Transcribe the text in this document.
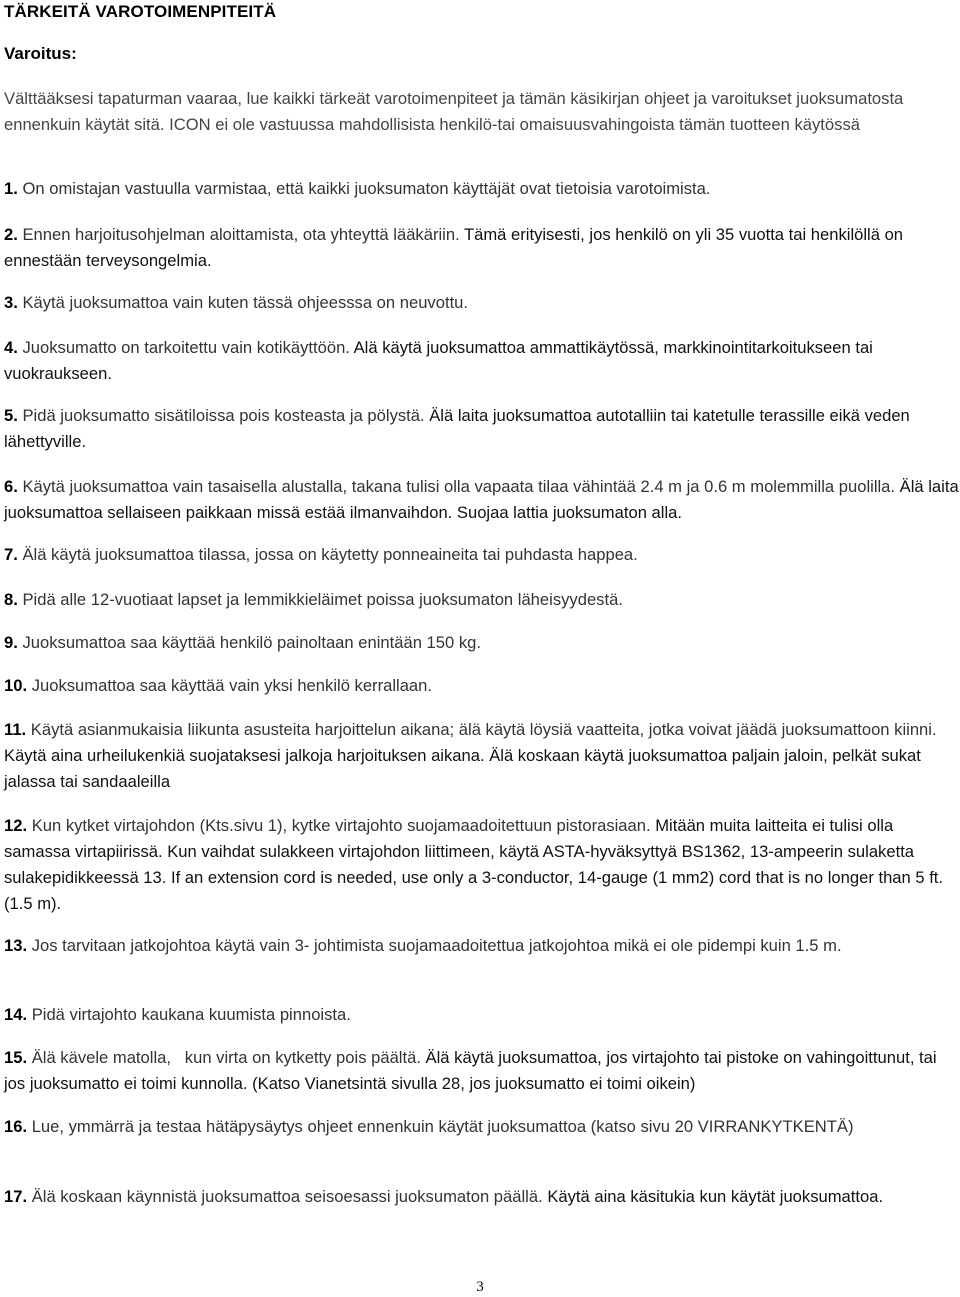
TÄRKEITÄ VAROTOIMENPITEITÄ
Varoitus:
Välttääksesi tapaturman vaaraa, lue kaikki tärkeät varotoimenpiteet ja tämän käsikirjan ohjeet ja varoitukset juoksumatosta ennenkuin käytät sitä. ICON ei ole vastuussa mahdollisista henkilö-tai omaisuusvahingoista tämän tuotteen käytössä
1. On omistajan vastuulla varmistaa, että kaikki juoksumaton käyttäjät ovat tietoisia varotoimista.
2. Ennen harjoitusohjelman aloittamista, ota yhteyttä lääkäriin. Tämä erityisesti, jos henkilö on yli 35 vuotta tai henkilöllä on ennestään terveysongelmia.
3. Käytä juoksumattoa vain kuten tässä ohjeesssa on neuvottu.
4. Juoksumatto on tarkoitettu vain kotikäyttöön. Alä käytä juoksumattoa ammattikäytössä, markkinointitarkoitukseen tai vuokraukseen.
5. Pidä juoksumatto sisätiloissa pois kosteasta ja pölystä. Älä laita juoksumattoa autotalliin tai katetulle terassille eikä veden lähettyville.
6. Käytä juoksumattoa vain tasaisella alustalla, takana tulisi olla vapaata tilaa vähintää 2.4 m ja 0.6 m molemmilla puolilla. Älä laita juoksumattoa sellaiseen paikkaan missä estää ilmanvaihdon. Suojaa lattia juoksumaton alla.
7. Älä käytä juoksumattoa tilassa, jossa on käytetty ponneaineita tai puhdasta happea.
8. Pidä alle 12-vuotiaat lapset ja lemmikkieläimet poissa juoksumaton läheisyydestä.
9. Juoksumattoa saa käyttää henkilö painoltaan enintään 150 kg.
10. Juoksumattoa saa käyttää vain yksi henkilö kerrallaan.
11. Käytä asianmukaisia liikunta asusteita harjoittelun aikana; älä käytä löysiä vaatteita, jotka voivat jäädä juoksumattoon kiinni. Käytä aina urheilukenkiä suojataksesi jalkoja harjoituksen aikana. Älä koskaan käytä juoksumattoa paljain jaloin, pelkät sukat jalassa tai sandaaleilla
12. Kun kytket virtajohdon (Kts.sivu 1), kytke virtajohto suojamaadoitettuun pistorasiaan. Mitään muita laitteita ei tulisi olla samassa virtapiirissä. Kun vaihdat sulakkeen virtajohdon liittimeen, käytä ASTA-hyväksyttyä BS1362, 13-ampeerin sulaketta sulakepidikkeessä 13. If an extension cord is needed, use only a 3-conductor, 14-gauge (1 mm2) cord that is no longer than 5 ft. (1.5 m).
13. Jos tarvitaan jatkojohtoa käytä vain 3- johtimista suojamaadoitettua jatkojohtoa mikä ei ole pidempi kuin 1.5 m.
14. Pidä virtajohto kaukana kuumista pinnoista.
15. Älä kävele matolla,   kun virta on kytketty pois päältä. Älä käytä juoksumattoa, jos virtajohto tai pistoke on vahingoittunut, tai jos juoksumatto ei toimi kunnolla. (Katso Vianetsintä sivulla 28, jos juoksumatto ei toimi oikein)
16. Lue, ymmärrä ja testaa hätäpysäytys ohjeet ennenkuin käytät juoksumattoa (katso sivu 20 VIRRANKYTKENTÄ)
17. Älä koskaan käynnistä juoksumattoa seisoesassi juoksumaton päällä. Käytä aina käsitukia kun käytät juoksumattoa.
3
